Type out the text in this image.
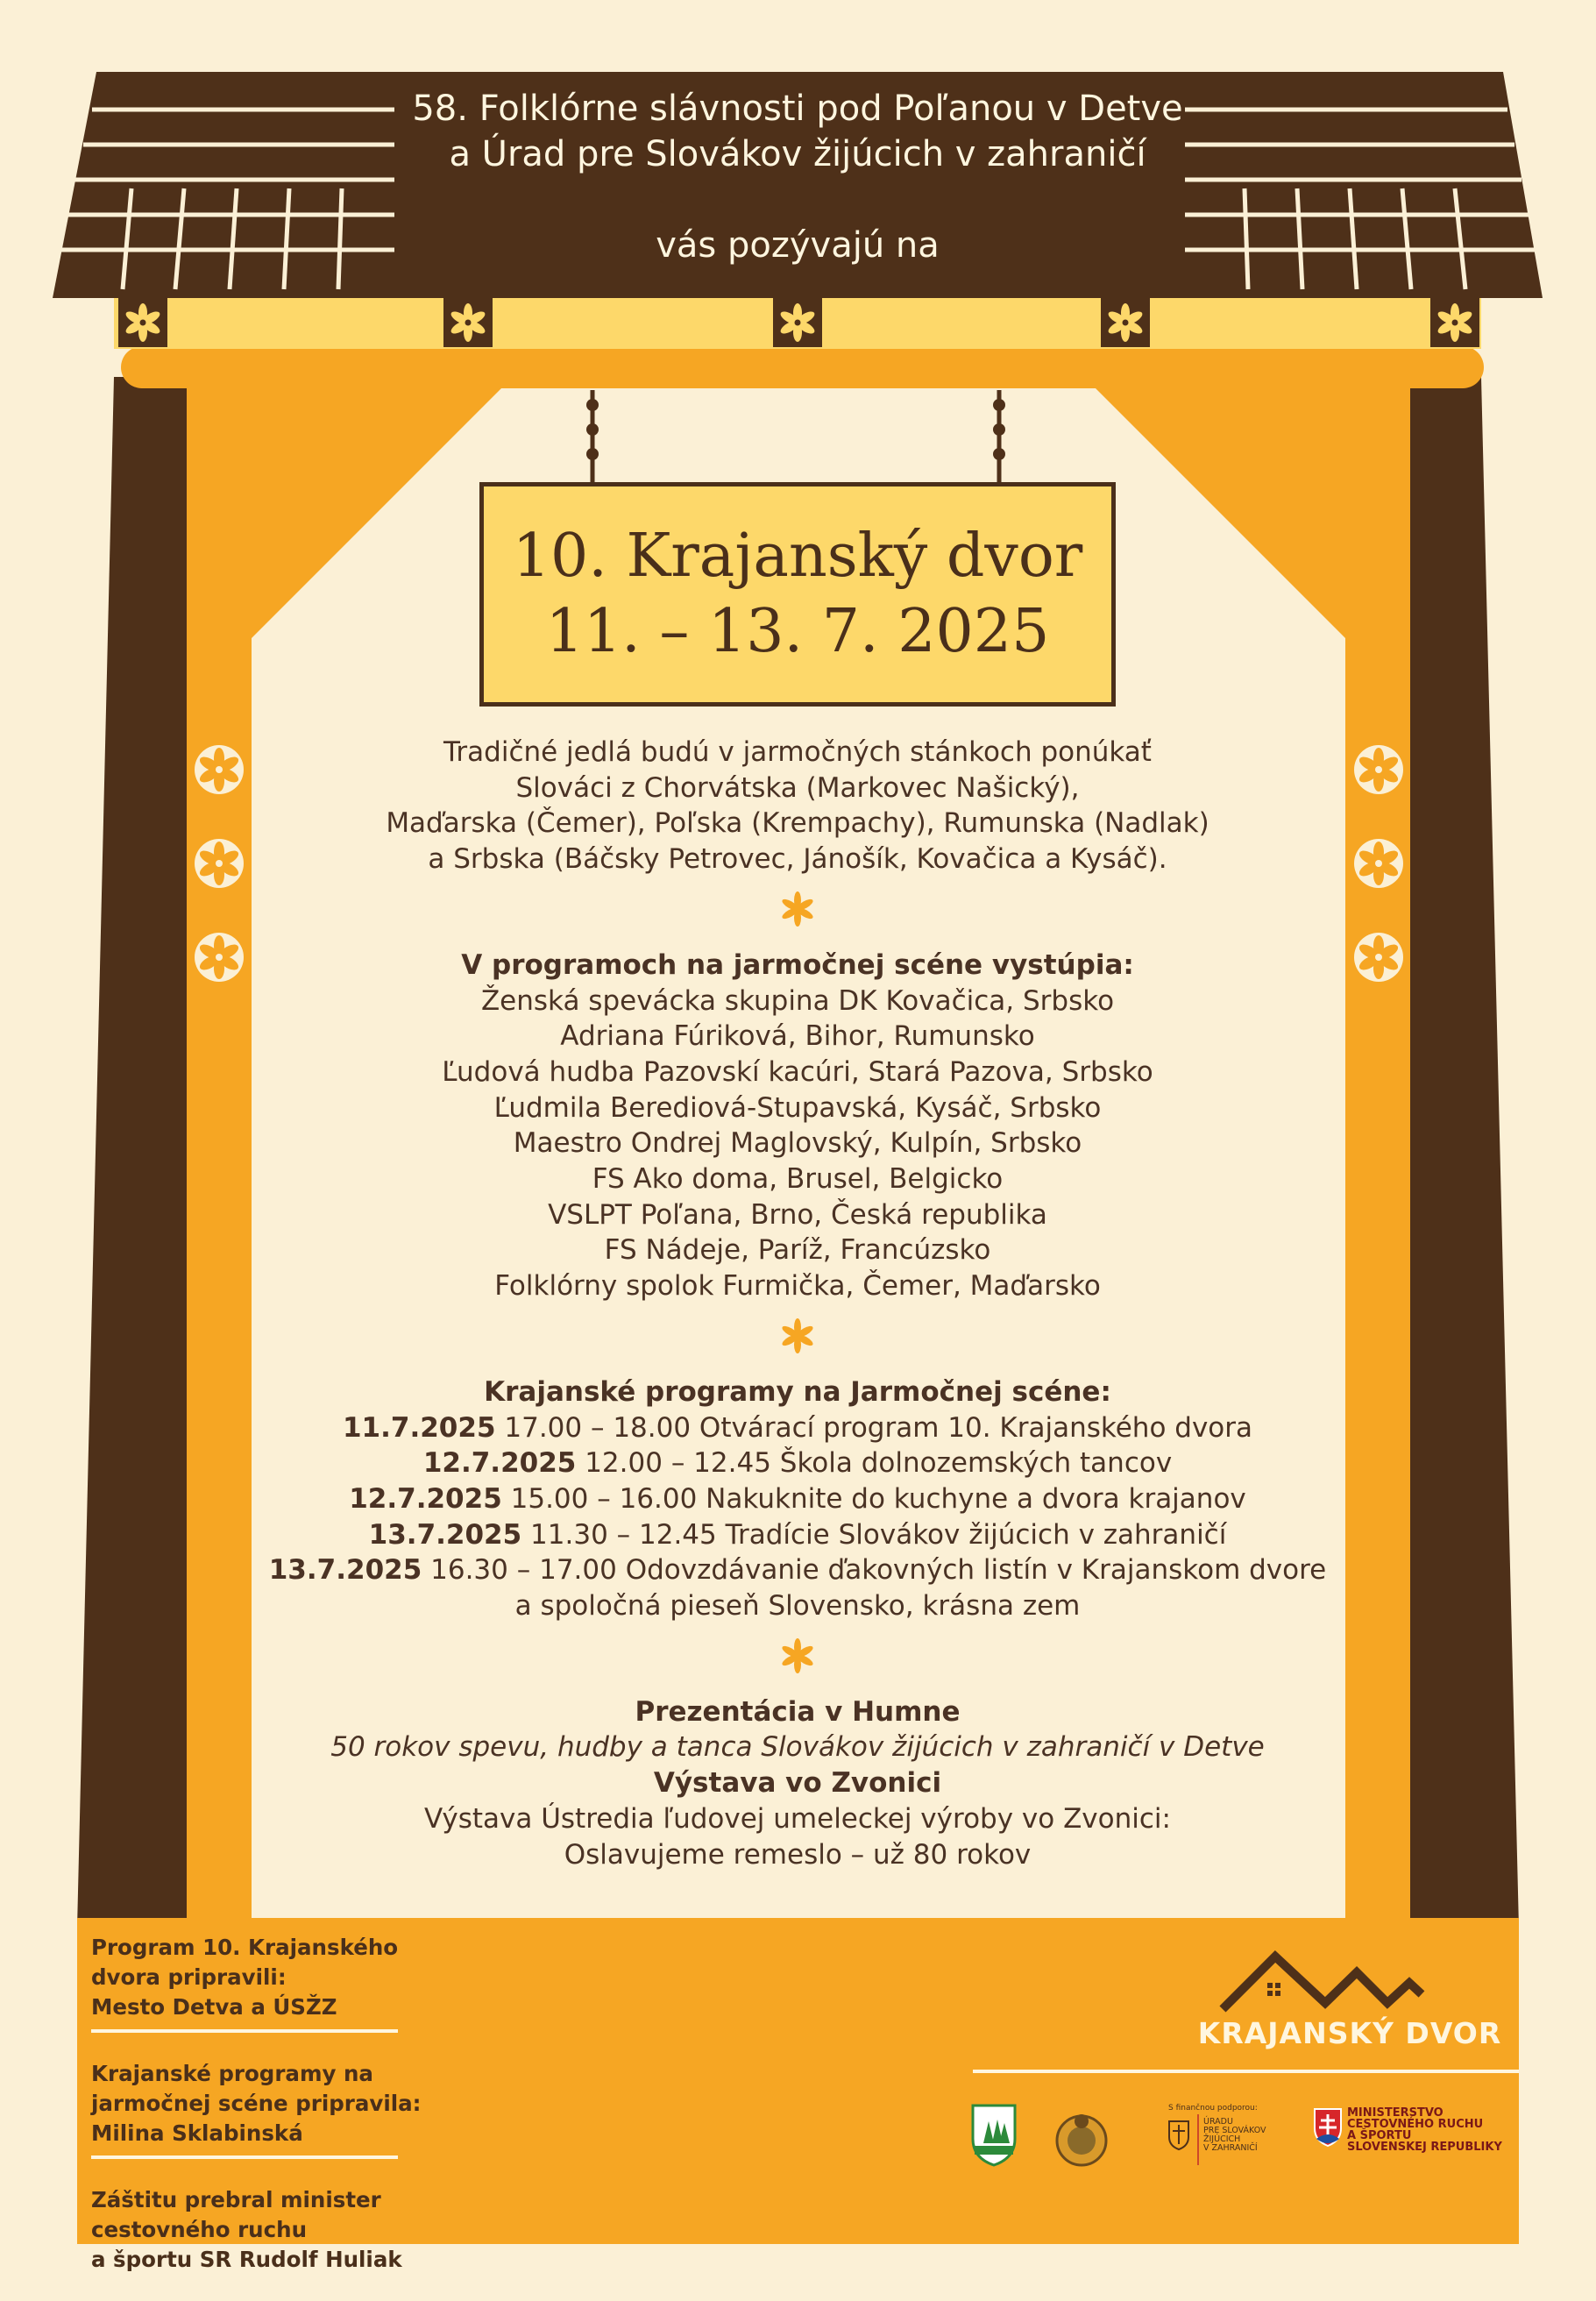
58. Folklórne slávnosti pod Poľanou v Detve
a Úrad pre Slovákov žijúcich v zahraničí
vás pozývajú na
10. Krajanský dvor
11. – 13. 7. 2025

Tradičné jedlá budú v jarmočných stánkoch ponúkať

Slováci z Chorvátska (Markovec Našický),

Maďarska (Čemer), Poľska (Krempachy), Rumunska (Nadlak)

a Srbska (Báčsky Petrovec, Jánošík, Kovačica a Kysáč).

V programoch na jarmočnej scéne vystúpia:

Ženská spevácka skupina DK Kovačica, Srbsko

Adriana Fúriková, Bihor, Rumunsko

Ľudová hudba Pazovskí kacúri, Stará Pazova, Srbsko

Ľudmila Berediová-Stupavská, Kysáč, Srbsko

Maestro Ondrej Maglovský, Kulpín, Srbsko

FS Ako doma, Brusel, Belgicko

VSLPT Poľana, Brno, Česká republika

FS Nádeje, Paríž, Francúzsko

Folklórny spolok Furmička, Čemer, Maďarsko

Krajanské programy na Jarmočnej scéne:

11.7.2025 17.00 – 18.00 Otvárací program 10. Krajanského dvora

12.7.2025 12.00 – 12.45 Škola dolnozemských tancov

12.7.2025 15.00 – 16.00 Nakuknite do kuchyne a dvora krajanov

13.7.2025 11.30 – 12.45 Tradície Slovákov žijúcich v zahraničí

13.7.2025 16.30 – 17.00 Odovzdávanie ďakovných listín v Krajanskom dvore

a spoločná pieseň Slovensko, krásna zem

Prezentácia v Humne

50 rokov spevu, hudby a tanca Slovákov žijúcich v zahraničí v Detve

Výstava vo Zvonici

Výstava Ústredia ľudovej umeleckej výroby vo Zvonici:

Oslavujeme remeslo – už 80 rokov

Program 10. Krajanského dvora pripravili:
Mesto Detva a ÚSŽZ
Krajanské programy na jarmočnej scéne pripravila:
Milina Sklabinská
Záštitu prebral minister cestovného ruchu
a športu SR Rudolf Huliak
KRAJANSKÝ DVOR
S finančnou podporou:
ÚRADU
PRE SLOVÁKOV
ŽIJÚCICH
V ZAHRANIČÍ
MINISTERSTVO
CESTOVNÉHO RUCHU
A ŠPORTU
SLOVENSKEJ REPUBLIKY
